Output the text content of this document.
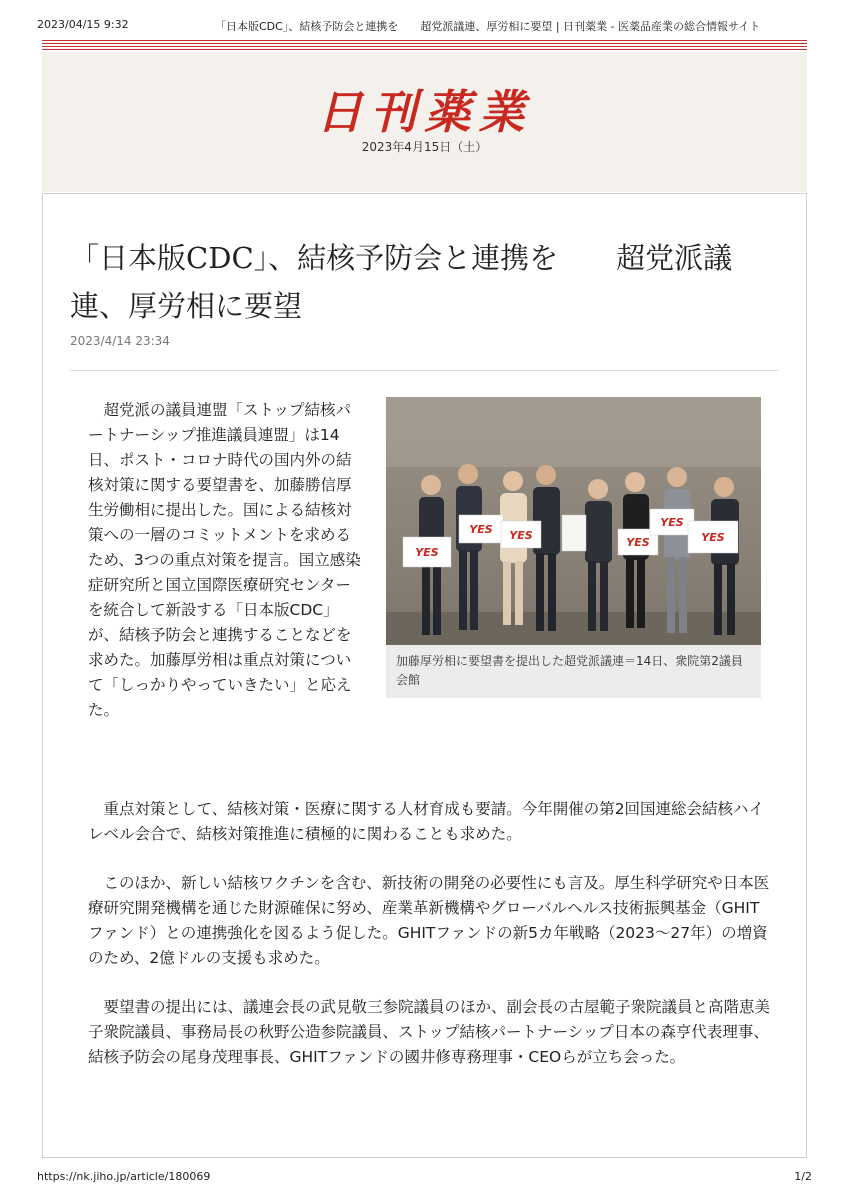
2023/04/15 9:32	「日本版CDC」、結核予防会と連携を　　超党派議連、厚労相に要望 | 日刊薬業 - 医薬品産業の総合情報サイト
日刊薬業
2023年4月15日（土）
「日本版CDC」、結核予防会と連携を　　超党派議連、厚労相に要望
2023/4/14 23:34

超党派の議員連盟「ストップ結核パートナーシップ推進議員連盟」は14日、ポスト・コロナ時代の国内外の結核対策に関する要望書を、加藤勝信厚生労働相に提出した。国による結核対策への一層のコミットメントを求めるため、3つの重点対策を提言。国立感染症研究所と国立国際医療研究センターを統合して新設する「日本版CDC」が、結核予防会と連携することなどを求めた。加藤厚労相は重点対策について「しっかりやっていきたい」と応えた。

YES
YES YES
YES
YES
YES
加藤厚労相に要望書を提出した超党派議連＝14日、衆院第2議員会館

重点対策として、結核対策・医療に関する人材育成も要請。今年開催の第2回国連総会結核ハイレベル会合で、結核対策推進に積極的に関わることも求めた。

このほか、新しい結核ワクチンを含む、新技術の開発の必要性にも言及。厚生科学研究や日本医療研究開発機構を通じた財源確保に努め、産業革新機構やグローバルヘルス技術振興基金（GHITファンド）との連携強化を図るよう促した。GHITファンドの新5カ年戦略（2023～27年）の増資のため、2億ドルの支援も求めた。

要望書の提出には、議連会長の武見敬三参院議員のほか、副会長の古屋範子衆院議員と高階恵美子衆院議員、事務局長の秋野公造参院議員、ストップ結核パートナーシップ日本の森亨代表理事、結核予防会の尾身茂理事長、GHITファンドの國井修専務理事・CEOらが立ち会った。

https://nk.jiho.jp/article/180069	1/2
